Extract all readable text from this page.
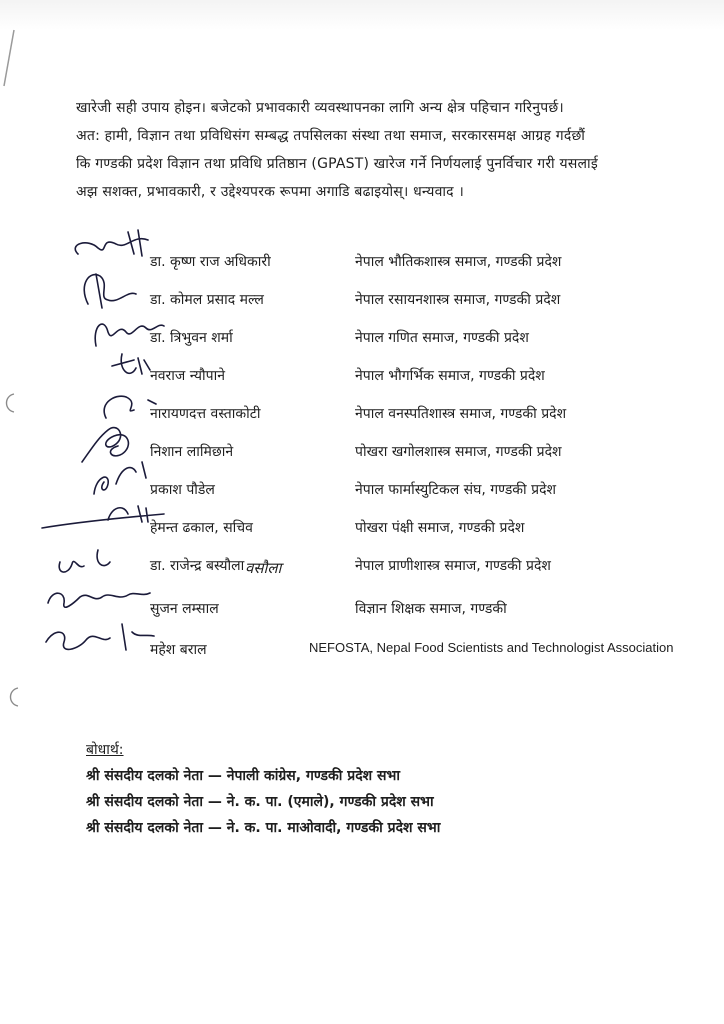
खारेजी सही उपाय होइन। बजेटको प्रभावकारी व्यवस्थापनका लागि अन्य क्षेत्र पहिचान गरिनुपर्छ।
अत: हामी, विज्ञान तथा प्रविधिसंग सम्बद्ध तपसिलका संस्था तथा समाज, सरकारसमक्ष आग्रह गर्दछौं
कि गण्डकी प्रदेश विज्ञान तथा प्रविधि प्रतिष्ठान (GPAST) खारेज गर्ने निर्णयलाई पुनर्विचार गरी यसलाई
अझ सशक्त, प्रभावकारी, र उद्देश्यपरक रूपमा अगाडि बढाइयोस्। धन्यवाद ।
डा. कृष्ण राज अधिकारी	नेपाल भौतिकशास्त्र समाज, गण्डकी प्रदेश
डा. कोमल प्रसाद मल्ल	नेपाल रसायनशास्त्र समाज, गण्डकी प्रदेश
डा. त्रिभुवन शर्मा	नेपाल गणित समाज, गण्डकी प्रदेश
नवराज न्यौपाने	नेपाल भौगर्भिक समाज, गण्डकी प्रदेश
नारायणदत्त वस्ताकोटी	नेपाल वनस्पतिशास्त्र समाज, गण्डकी प्रदेश
निशान लामिछाने	पोखरा खगोलशास्त्र समाज, गण्डकी प्रदेश
प्रकाश पौडेल	नेपाल फार्मास्युटिकल संघ, गण्डकी प्रदेश
हेमन्त ढकाल, सचिव	पोखरा पंक्षी समाज, गण्डकी प्रदेश
डा. राजेन्द्र बस्यौला वसौला	नेपाल प्राणीशास्त्र समाज, गण्डकी प्रदेश
सुजन लम्साल	विज्ञान शिक्षक समाज, गण्डकी
महेश बराल	NEFOSTA, Nepal Food Scientists and Technologist Association
बोधार्थ:
श्री संसदीय दलको नेता — नेपाली कांग्रेस, गण्डकी प्रदेश सभा
श्री संसदीय दलको नेता — ने. क. पा. (एमाले), गण्डकी प्रदेश सभा
श्री संसदीय दलको नेता — ने. क. पा. माओवादी, गण्डकी प्रदेश सभा
